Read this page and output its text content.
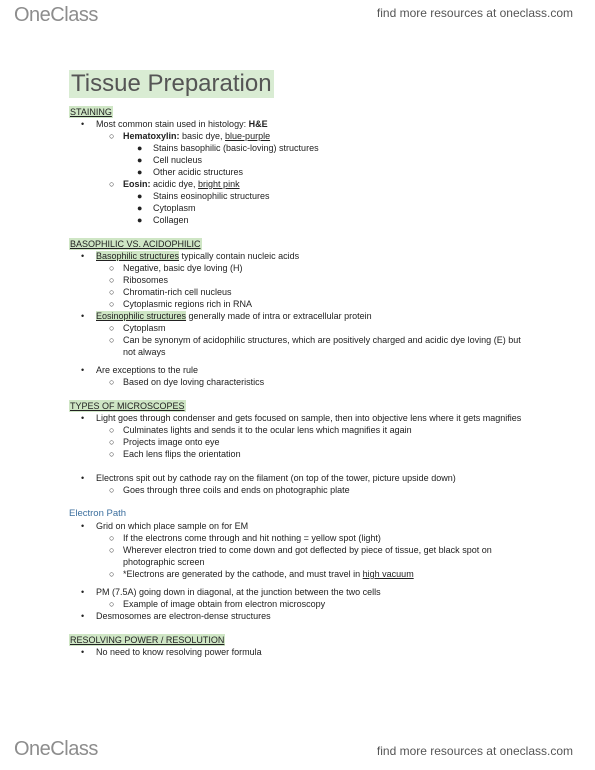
OneClass	find more resources at oneclass.com
Tissue Preparation
STAINING
• Most common stain used in histology: H&E
○ Hematoxylin: basic dye, blue-purple
● Stains basophilic (basic-loving) structures
● Cell nucleus
● Other acidic structures
○ Eosin: acidic dye, bright pink
● Stains eosinophilic structures
● Cytoplasm
● Collagen
BASOPHILIC VS. ACIDOPHILIC
• Basophilic structures typically contain nucleic acids
○ Negative, basic dye loving (H)
○ Ribosomes
○ Chromatin-rich cell nucleus
○ Cytoplasmic regions rich in RNA
• Eosinophilic structures generally made of intra or extracellular protein
○ Cytoplasm
○ Can be synonym of acidophilic structures, which are positively charged and acidic dye loving (E) but not always
• Are exceptions to the rule
○ Based on dye loving characteristics
TYPES OF MICROSCOPES
• Light goes through condenser and gets focused on sample, then into objective lens where it gets magnifies
○ Culminates lights and sends it to the ocular lens which magnifies it again
○ Projects image onto eye
○ Each lens flips the orientation
• Electrons spit out by cathode ray on the filament (on top of the tower, picture upside down)
○ Goes through three coils and ends on photographic plate
Electron Path
• Grid on which place sample on for EM
○ If the electrons come through and hit nothing = yellow spot (light)
○ Wherever electron tried to come down and got deflected by piece of tissue, get black spot on photographic screen
○ *Electrons are generated by the cathode, and must travel in high vacuum
• PM (7.5A) going down in diagonal, at the junction between the two cells
○ Example of image obtain from electron microscopy
• Desmosomes are electron-dense structures
RESOLVING POWER / RESOLUTION
• No need to know resolving power formula
OneClass	find more resources at oneclass.com
